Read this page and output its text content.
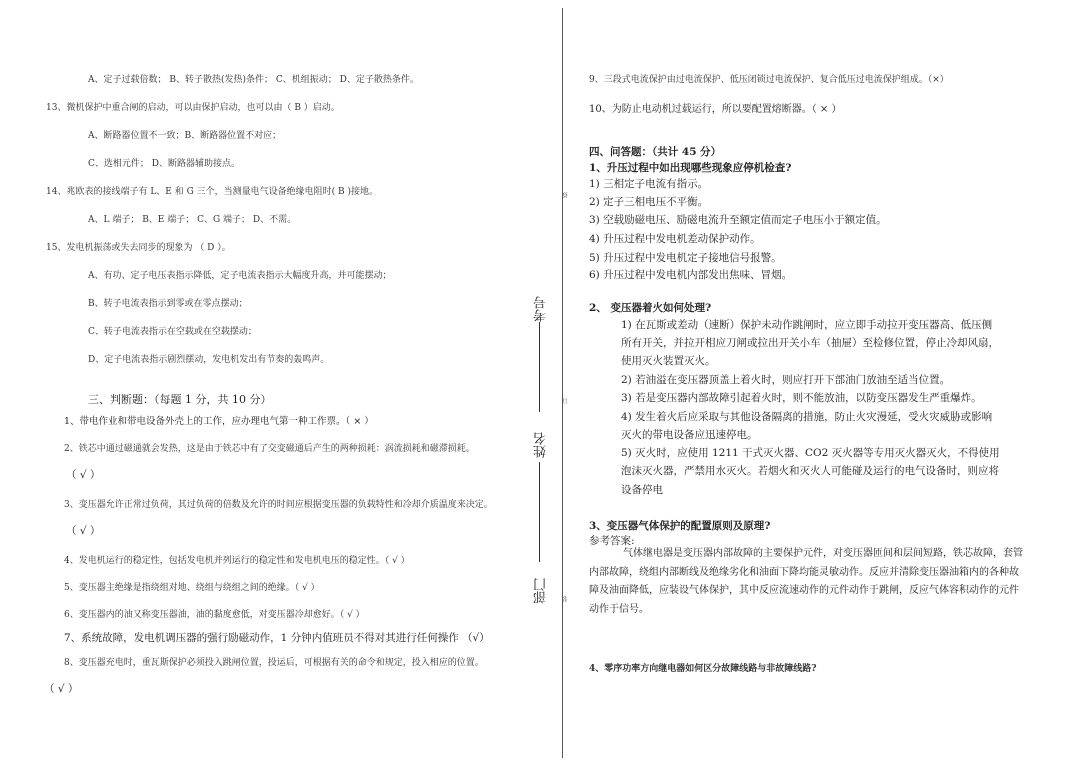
A、定子过载倍数； B、转子散热(发热)条件； C、机组振动； D、定子散热条件。
13、微机保护中重合闸的启动，可以由保护启动，也可以由（ B ）启动。
A、断路器位置不一致；B、断路器位置不对应；
C、选相元件； D、断路器辅助接点。
14、兆欧表的接线端子有 L、E 和 G 三个，当测量电气设备绝缘电阻时( B )接地。
A、L 端子； B、E 端子； C、G 端子； D、不需。
15、发电机振荡或失去同步的现象为 （ D ）。
A、有功、定子电压表指示降低，定子电流表指示大幅度升高，并可能摆动；
B、转子电流表指示到零或在零点摆动；
C、转子电流表指示在空载或在空载摆动；
D、定子电流表指示剧烈摆动，发电机发出有节奏的轰鸣声。
三、判断题：（每题 1 分，共 10 分）
1、带电作业和带电设备外壳上的工作，应办理电气第一种工作票。（ × ）
2、铁芯中通过磁通就会发热，这是由于铁芯中有了交变磁通后产生的两种损耗：涡流损耗和磁滞损耗。
（ √ ）
3、变压器允许正常过负荷，其过负荷的倍数及允许的时间应根据变压器的负载特性和冷却介质温度来决定。
（ √ ）
4、发电机运行的稳定性，包括发电机并列运行的稳定性和发电机电压的稳定性。（ √ ）
5、变压器主绝缘是指绕组对地、绕组与绕组之间的绝缘。（ √ ）
6、变压器内的油又称变压器油，油的黏度愈低，对变压器冷却愈好。（ √ ）
7、系统故障，发电机调压器的强行励磁动作，1 分钟内值班员不得对其进行任何操作 （√）
8、变压器充电时，重瓦斯保护必须投入跳闸位置，投运后，可根据有关的命令和规定，投入相应的位置。
（ √ ）
考号
姓名
部门
线
订
装
9、三段式电流保护由过电流保护、低压闭锁过电流保护、复合低压过电流保护组成。（×）
10、为防止电动机过载运行，所以要配置熔断器。（ × ）
四、问答题：（共计 45 分）
1、升压过程中如出现哪些现象应停机检查?
1) 三相定子电流有指示。
2) 定子三相电压不平衡。
3) 空载励磁电压、励磁电流升至额定值而定子电压小于额定值。
4) 升压过程中发电机差动保护动作。
5) 升压过程中发电机定子接地信号报警。
6) 升压过程中发电机内部发出焦味、冒烟。
2、 变压器着火如何处理?
1) 在瓦斯或差动（速断）保护未动作跳闸时，应立即手动拉开变压器高、低压侧
所有开关，并拉开相应刀闸或拉出开关小车（抽屉）至检修位置，停止冷却风扇，
使用灭火装置灭火。
2) 若油溢在变压器顶盖上着火时，则应打开下部油门放油至适当位置。
3) 若是变压器内部故障引起着火时，则不能放油，以防变压器发生严重爆炸。
4) 发生着火后应采取与其他设备隔离的措施，防止火灾漫延，受火灾威胁或影响
灭火的带电设备应迅速停电。
5) 灭火时，应使用 1211 干式灭火器、CO2 灭火器等专用灭火器灭火，不得使用
泡沫灭火器，严禁用水灭火。若烟火和灭火人可能碰及运行的电气设备时，则应将
设备停电
3、变压器气体保护的配置原则及原理?
参考答案:
气体继电器是变压器内部故障的主要保护元件，对变压器匝间和层间短路，铁芯故障，套管内部故障，绕组内部断线及绝缘劣化和油面下降均能灵敏动作。反应并清除变压器油箱内的各种故障及油面降低，应装设气体保护，其中反应流速动作的元件动作于跳闸，反应气体容积动作的元件动作于信号。
4、零序功率方向继电器如何区分故障线路与非故障线路?
